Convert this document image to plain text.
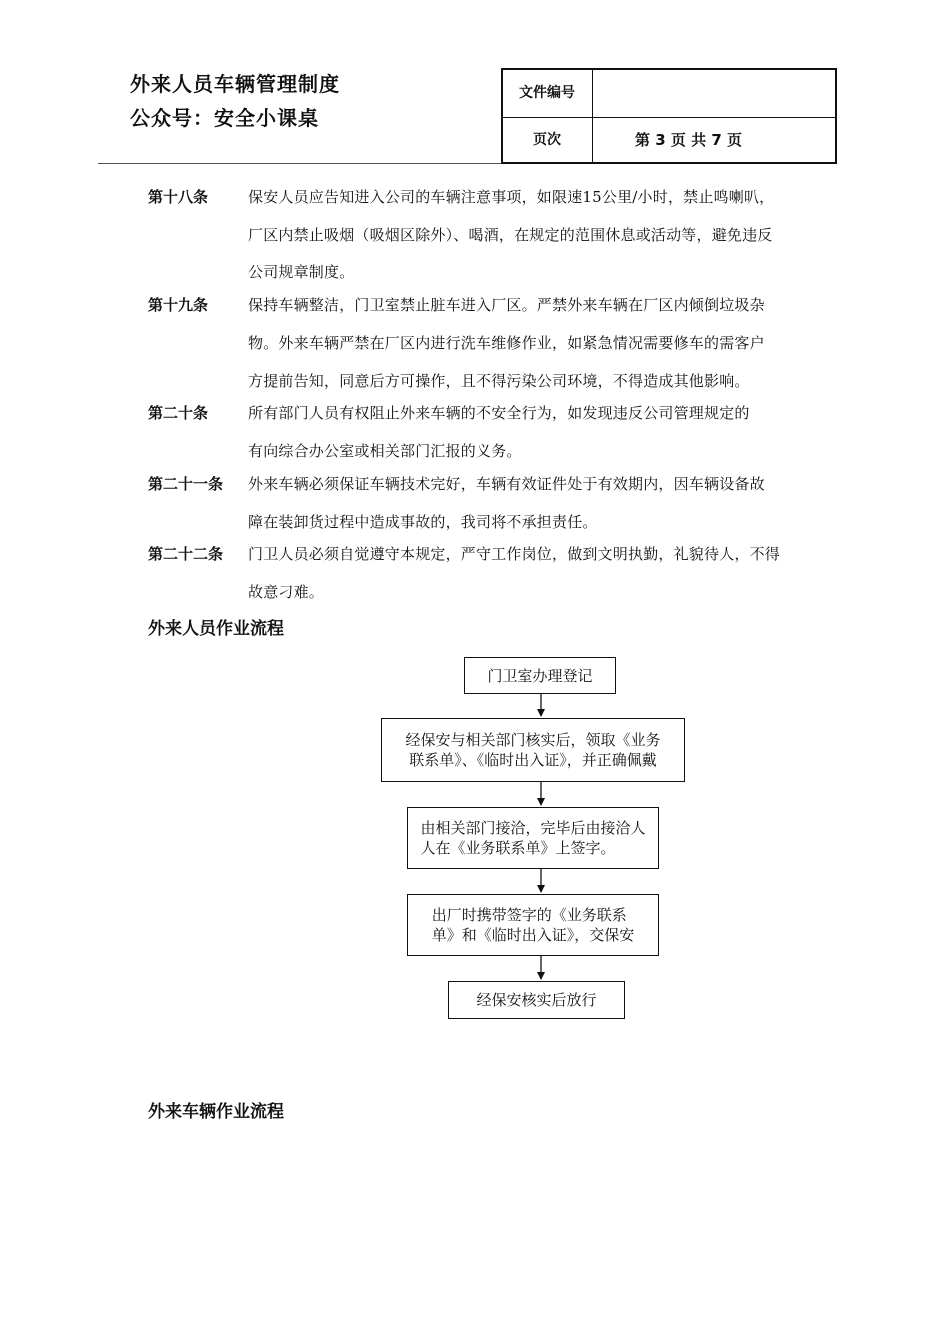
外来人员车辆管理制度
公众号：安全小课桌
文件编号
页次	第 3 页 共 7 页
第十八条	保安人员应告知进入公司的车辆注意事项，如限速15公里/小时，禁止鸣喇叭，
厂区内禁止吸烟（吸烟区除外）、喝酒，在规定的范围休息或活动等，避免违反
公司规章制度。
第十九条	保持车辆整洁，门卫室禁止脏车进入厂区。严禁外来车辆在厂区内倾倒垃圾杂
物。外来车辆严禁在厂区内进行洗车维修作业，如紧急情况需要修车的需客户
方提前告知，同意后方可操作，且不得污染公司环境，不得造成其他影响。
第二十条	所有部门人员有权阻止外来车辆的不安全行为，如发现违反公司管理规定的
有向综合办公室或相关部门汇报的义务。
第二十一条 外来车辆必须保证车辆技术完好，车辆有效证件处于有效期内，因车辆设备故
障在装卸货过程中造成事故的，我司将不承担责任。
第二十二条 门卫人员必须自觉遵守本规定，严守工作岗位，做到文明执勤，礼貌待人，不得
故意刁难。
外来人员作业流程
门卫室办理登记
经保安与相关部门核实后，领取《业务
联系单》、《临时出入证》，并正确佩戴
由相关部门接洽，完毕后由接洽人
人在《业务联系单》上签字。
出厂时携带签字的《业务联系
单》和《临时出入证》，交保安
经保安核实后放行
外来车辆作业流程
